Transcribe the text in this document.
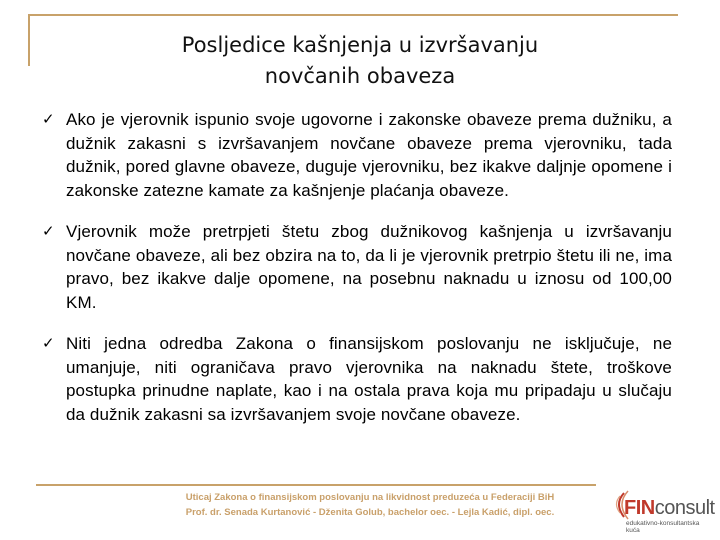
Posljedice kašnjenja u izvršavanju
novčanih obaveza
✓ Ako je vjerovnik ispunio svoje ugovorne i zakonske obaveze prema dužniku, a dužnik zakasni s izvršavanjem novčane obaveze prema vjerovniku, tada dužnik, pored glavne obaveze, duguje vjerovniku, bez ikakve daljnje opomene i zakonske zatezne kamate za kašnjenje plaćanja obaveze.
✓ Vjerovnik može pretrpjeti štetu zbog dužnikovog kašnjenja u izvršavanju novčane obaveze, ali bez obzira na to, da li je vjerovnik pretrpio štetu ili ne, ima pravo, bez ikakve dalje opomene, na posebnu naknadu u iznosu od 100,00 KM.
✓ Niti jedna odredba Zakona o finansijskom poslovanju ne isključuje, ne umanjuje, niti ograničava pravo vjerovnika na naknadu štete, troškove postupka prinudne naplate, kao i na ostala prava koja mu pripadaju u slučaju da dužnik zakasni sa izvršavanjem svoje novčane obaveze.
Uticaj Zakona o finansijskom poslovanju na likvidnost preduzeća u Federaciji BiH
Prof. dr. Senada Kurtanović - Dženita Golub, bachelor oec. - Lejla Kadić, dipl. oec.	FINconsult
edukativno-konsultantska kuća
